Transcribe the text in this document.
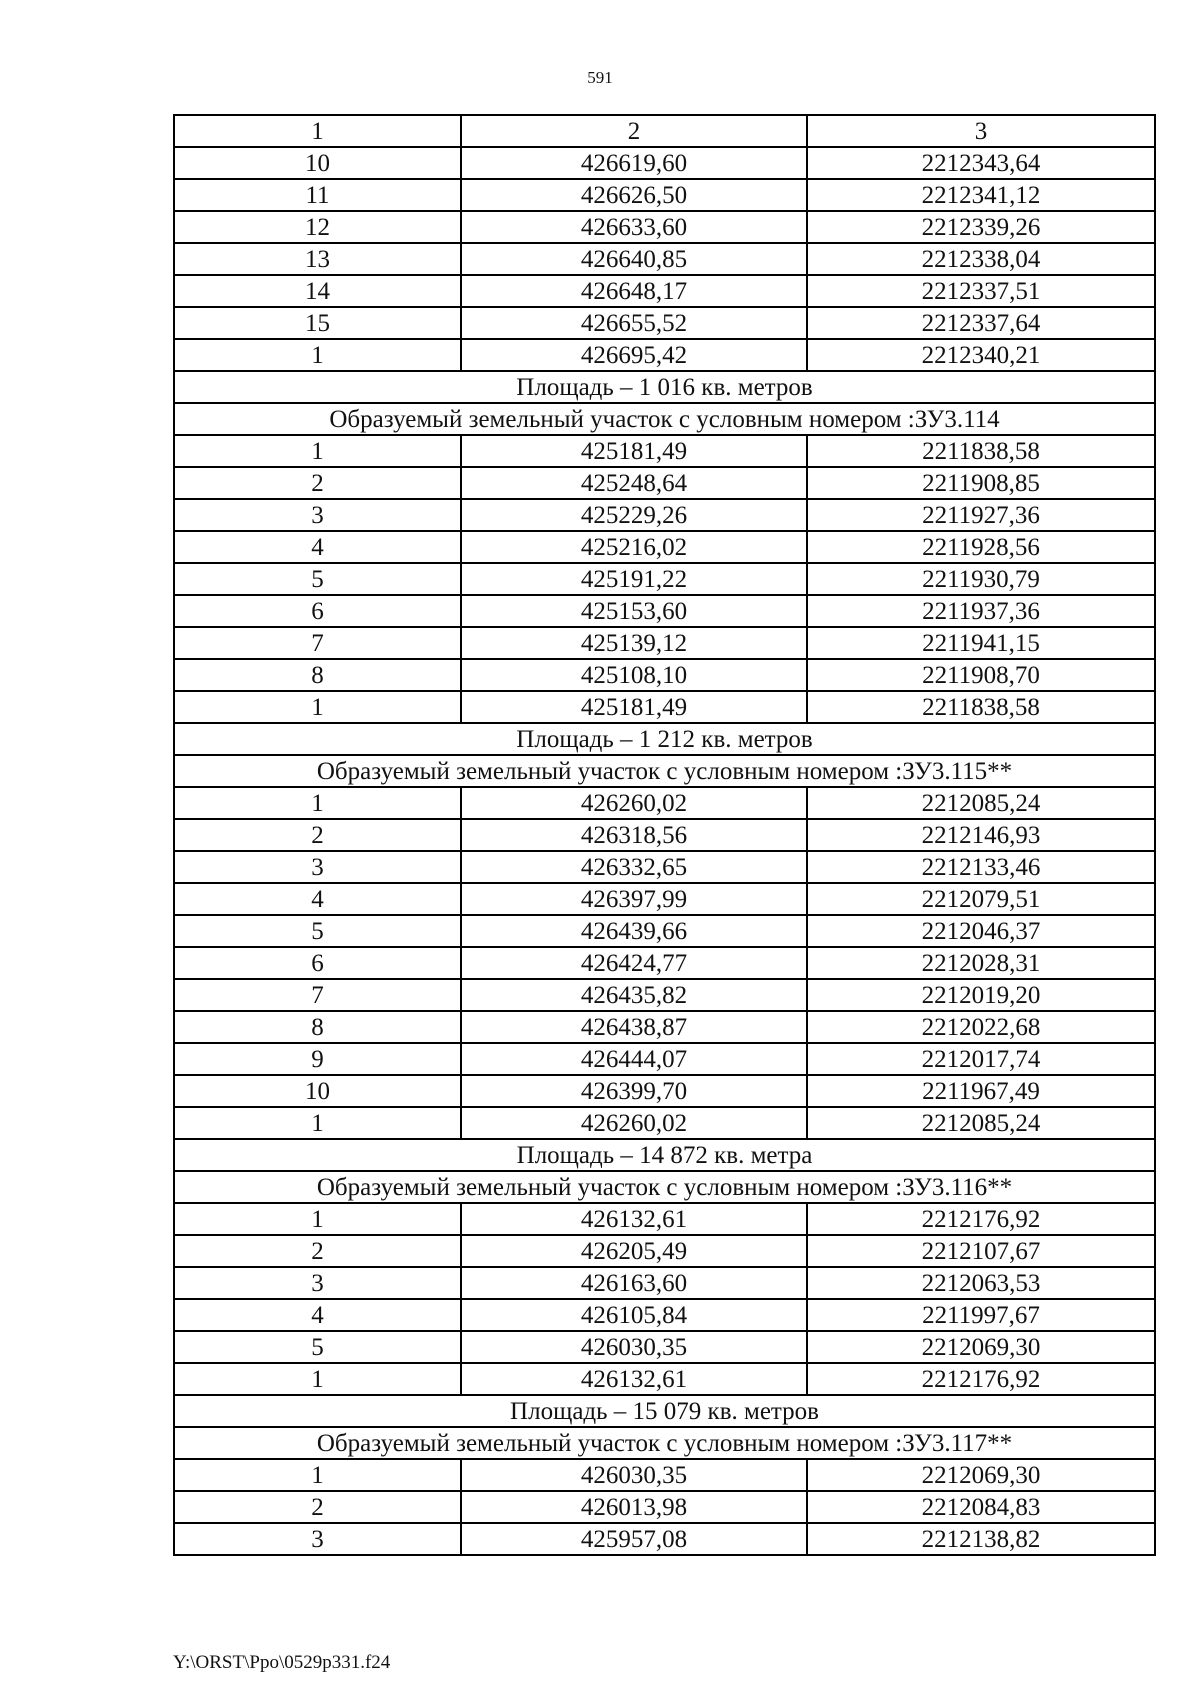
591
1	2	3
10	426619,60	2212343,64
11	426626,50	2212341,12
12	426633,60	2212339,26
13	426640,85	2212338,04
14	426648,17	2212337,51
15	426655,52	2212337,64
1	426695,42	2212340,21
Площадь – 1 016 кв. метров		
Образуемый земельный участок с условным номером :ЗУ3.114		
1	425181,49	2211838,58
2	425248,64	2211908,85
3	425229,26	2211927,36
4	425216,02	2211928,56
5	425191,22	2211930,79
6	425153,60	2211937,36
7	425139,12	2211941,15
8	425108,10	2211908,70
1	425181,49	2211838,58
Площадь – 1 212 кв. метров		
Образуемый земельный участок с условным номером :ЗУ3.115**		
1	426260,02	2212085,24
2	426318,56	2212146,93
3	426332,65	2212133,46
4	426397,99	2212079,51
5	426439,66	2212046,37
6	426424,77	2212028,31
7	426435,82	2212019,20
8	426438,87	2212022,68
9	426444,07	2212017,74
10	426399,70	2211967,49
1	426260,02	2212085,24
Площадь – 14 872 кв. метра		
Образуемый земельный участок с условным номером :ЗУ3.116**		
1	426132,61	2212176,92
2	426205,49	2212107,67
3	426163,60	2212063,53
4	426105,84	2211997,67
5	426030,35	2212069,30
1	426132,61	2212176,92
Площадь – 15 079 кв. метров		
Образуемый земельный участок с условным номером :ЗУ3.117**		
1	426030,35	2212069,30
2	426013,98	2212084,83
3	425957,08	2212138,82
Y:\ORST\Ppo\0529p331.f24
